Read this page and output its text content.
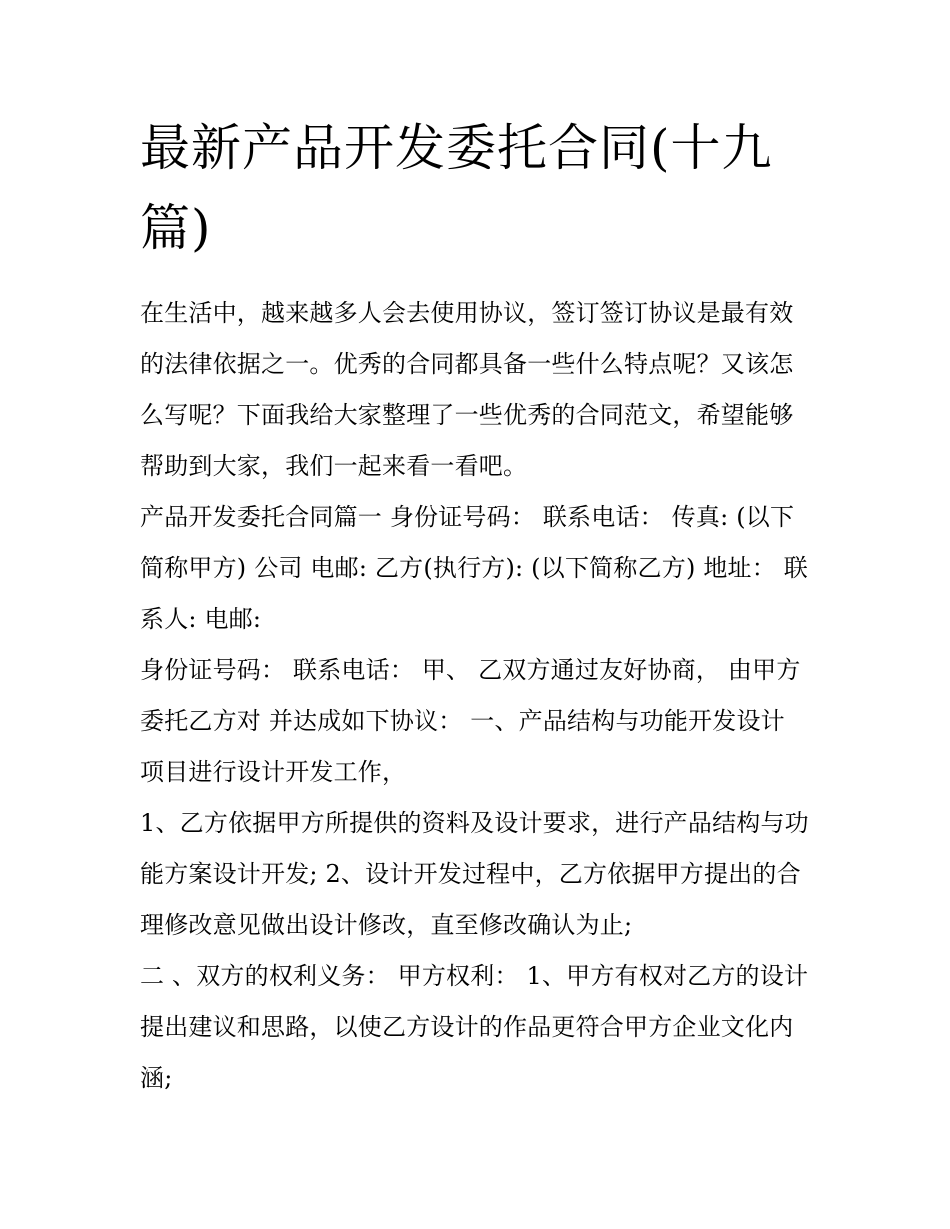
最新产品开发委托合同(十九篇)

在生活中，越来越多人会去使用协议，签订签订协议是最有效的法律依据之一。优秀的合同都具备一些什么特点呢？又该怎么写呢？下面我给大家整理了一些优秀的合同范文，希望能够帮助到大家，我们一起来看一看吧。

产品开发委托合同篇一 身份证号码： 联系电话： 传真: (以下简称甲方) 公司 电邮: 乙方(执行方): (以下简称乙方) 地址： 联系人: 电邮:

身份证号码： 联系电话： 甲、 乙双方通过友好协商， 由甲方委托乙方对 并达成如下协议： 一、产品结构与功能开发设计 项目进行设计开发工作，

1、乙方依据甲方所提供的资料及设计要求，进行产品结构与功能方案设计开发; 2、设计开发过程中，乙方依据甲方提出的合理修改意见做出设计修改，直至修改确认为止;

二 、双方的权利义务： 甲方权利： 1、甲方有权对乙方的设计提出建议和思路，以使乙方设计的作品更符合甲方企业文化内涵;
